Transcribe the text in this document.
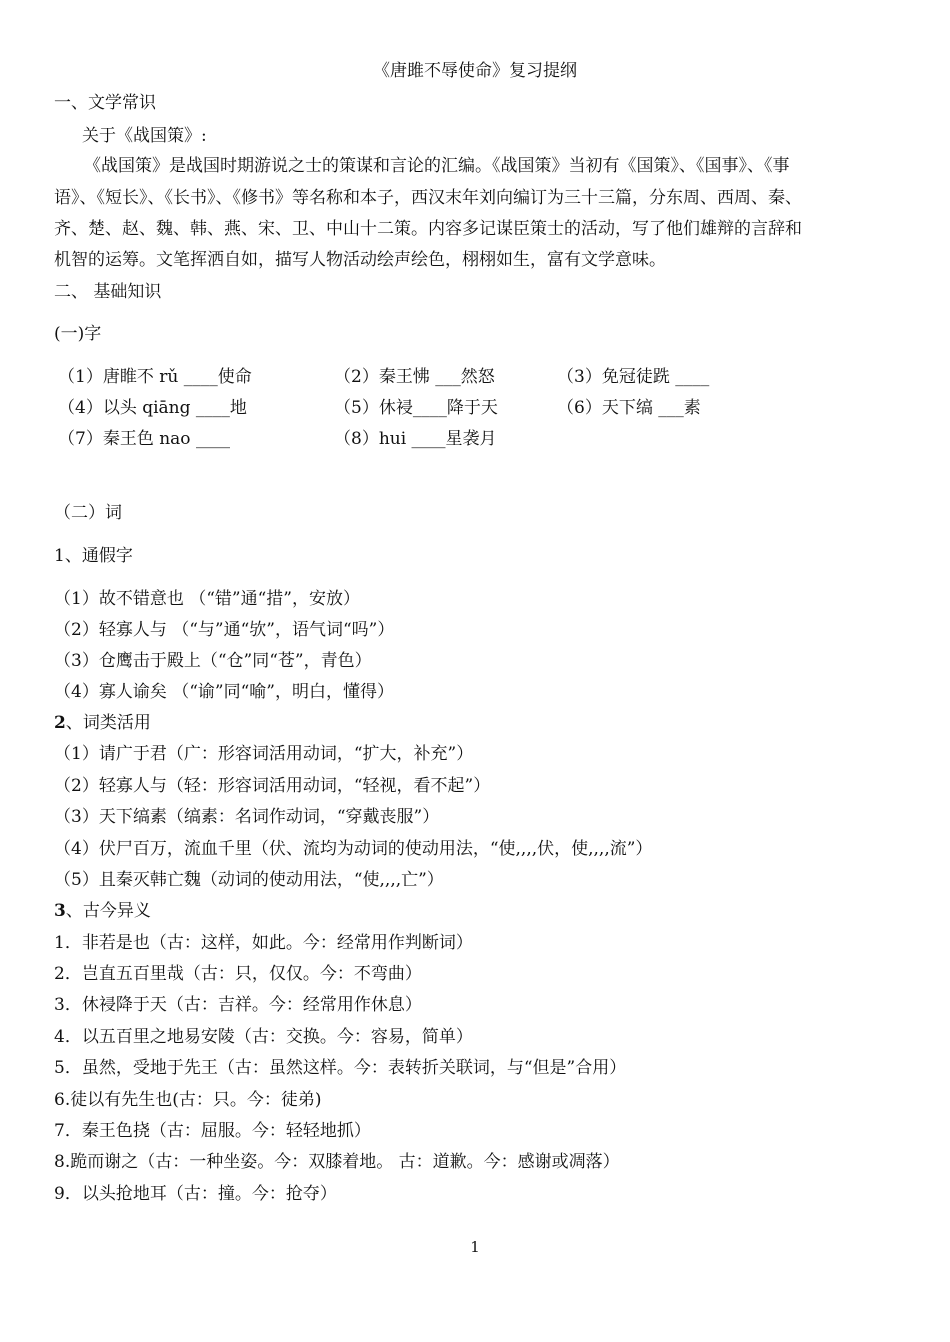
《唐雎不辱使命》复习提纲
一、文学常识
关于《战国策》:
《战国策》是战国时期游说之士的策谋和言论的汇编。《战国策》当初有《国策》、《国事》、《事
语》、《短长》、《长书》、《修书》等名称和本子，西汉末年刘向编订为三十三篇，分东周、西周、秦、
齐、楚、赵、魏、韩、燕、宋、卫、中山十二策。内容多记谋臣策士的活动，写了他们雄辩的言辞和
机智的运筹。文笔挥洒自如，描写人物活动绘声绘色，栩栩如生，富有文学意味。
二、 基础知识
(一)字
（1）唐睢不 rǔ ____使命	（2）秦王怫 ___然怒	（3）免冠徒跣 ____
（4）以头 qiāng ____地	（5）休祲____降于天	（6）天下缟 ___素
（7）秦王色 nao ____	（8）hui ____星袭月
（二）词
1、通假字
（1）故不错意也 （“错”通“措”，安放）
（2）轻寡人与 （“与”通“欤”，语气词“吗”）
（3）仓鹰击于殿上（“仓”同“苍”，青色）
（4）寡人谕矣 （“谕”同“喻”，明白，懂得）
2、词类活用
（1）请广于君（广：形容词活用动词，“扩大，补充”）
（2）轻寡人与（轻：形容词活用动词，“轻视，看不起”）
（3）天下缟素（缟素：名词作动词，“穿戴丧服”）
（4）伏尸百万，流血千里（伏、流均为动词的使动用法，“使,,,,伏，使,,,,流”）
（5）且秦灭韩亡魏（动词的使动用法，“使,,,,亡”）
3、古今异义
1．非若是也（古：这样，如此。今：经常用作判断词）
2．岂直五百里哉（古：只，仅仅。今：不弯曲）
3．休祲降于天（古：吉祥。今：经常用作休息）
4．以五百里之地易安陵（古：交换。今：容易，简单）
5．虽然，受地于先王（古：虽然这样。今：表转折关联词，与“但是”合用）
6.徒以有先生也(古：只。今：徒弟)
7．秦王色挠（古：屈服。今：轻轻地抓）
8.跪而谢之（古：一种坐姿。今：双膝着地。 古：道歉。今：感谢或凋落）
9．以头抢地耳（古：撞。今：抢夺）
1
